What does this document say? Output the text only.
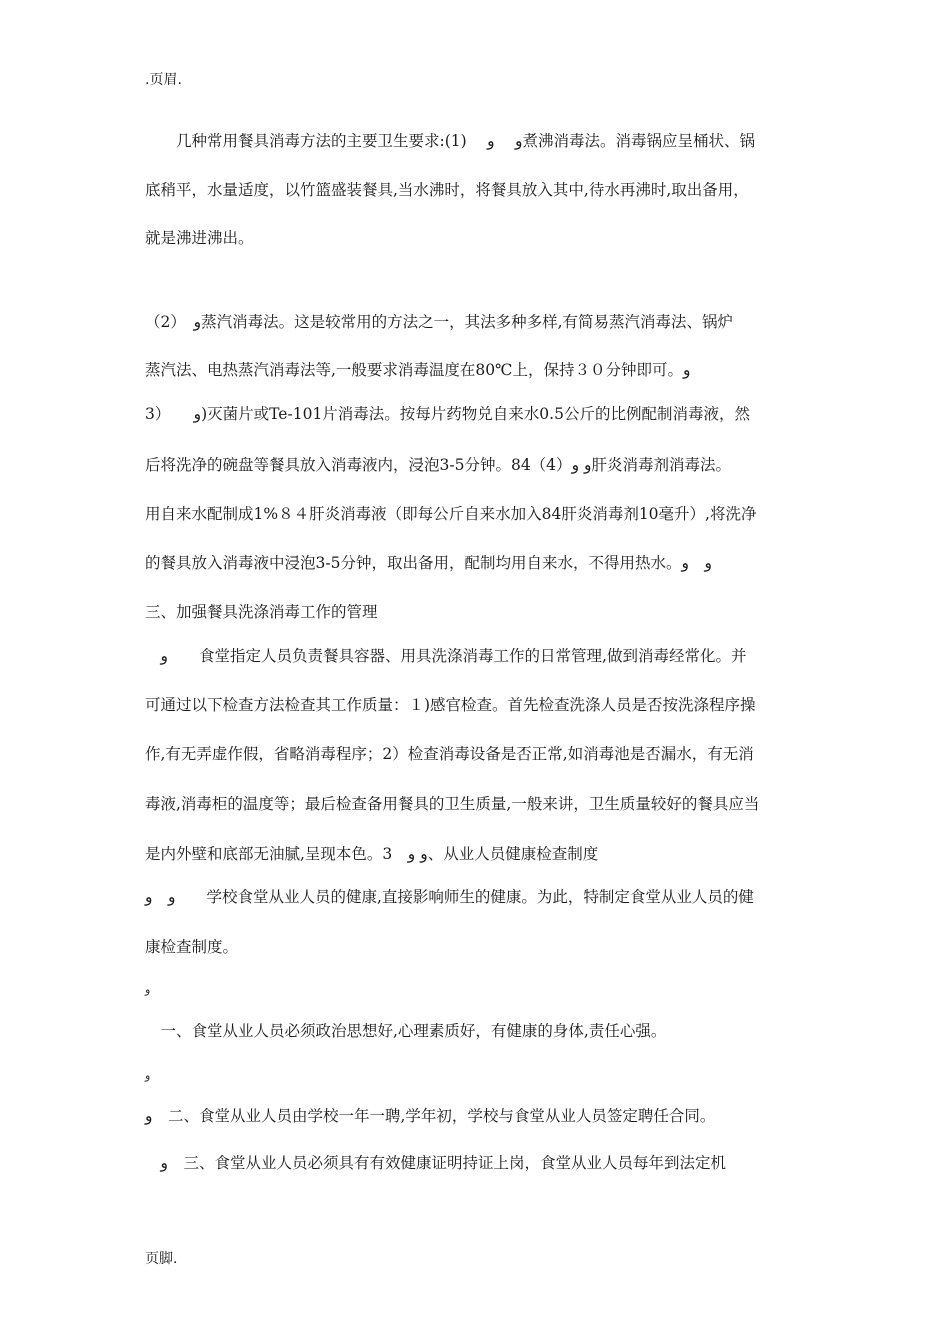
.页眉.
　　几种常用餐具消毒方法的主要卫生要求:(1)　 ﻭ 　ﻭ煮沸消毒法。消毒锅应呈桶状、锅
底稍平，水量适度，以竹篮盛装餐具,当水沸时，将餐具放入其中,待水再沸时,取出备用，
就是沸进沸出。
（2）　ﻭ蒸汽消毒法。这是较常用的方法之一，其法多种多样,有简易蒸汽消毒法、锅炉
蒸汽法、电热蒸汽消毒法等,一般要求消毒温度在80℃上，保持３０分钟即可。ﻭ
3）　　ﻭ)灭菌片或Te-101片消毒法。按每片药物兑自来水0.5公斤的比例配制消毒液，然
后将洗净的碗盘等餐具放入消毒液内，浸泡3-5分钟。84（4）ﻭ ﻭ肝炎消毒剂消毒法。
用自来水配制成1%８４肝炎消毒液（即每公斤自来水加入84肝炎消毒剂10毫升）,将洗净
的餐具放入消毒液中浸泡3-5分钟，取出备用，配制均用自来水，不得用热水。ﻭ　ﻭ
三、加强餐具洗涤消毒工作的管理
　ﻭ　　食堂指定人员负责餐具容器、用具洗涤消毒工作的日常管理,做到消毒经常化。并
可通过以下检查方法检查其工作质量：１)感官检查。首先检查洗涤人员是否按洗涤程序操
作,有无弄虚作假，省略消毒程序；2）检查消毒设备是否正常,如消毒池是否漏水，有无消
毒液,消毒柜的温度等；最后检查备用餐具的卫生质量,一般来讲，卫生质量较好的餐具应当
是内外壁和底部无油腻,呈现本色。3　ﻭ ﻭ、从业人员健康检查制度
ﻭ　ﻭ　　学校食堂从业人员的健康,直接影响师生的健康。为此，特制定食堂从业人员的健
康检查制度。
ﻭ
　一、食堂从业人员必须政治思想好,心理素质好，有健康的身体,责任心强。
ﻭ
ﻭ　二、食堂从业人员由学校一年一聘,学年初，学校与食堂从业人员签定聘任合同。
　ﻭ　三、食堂从业人员必须具有有效健康证明持证上岗，食堂从业人员每年到法定机
页脚.
